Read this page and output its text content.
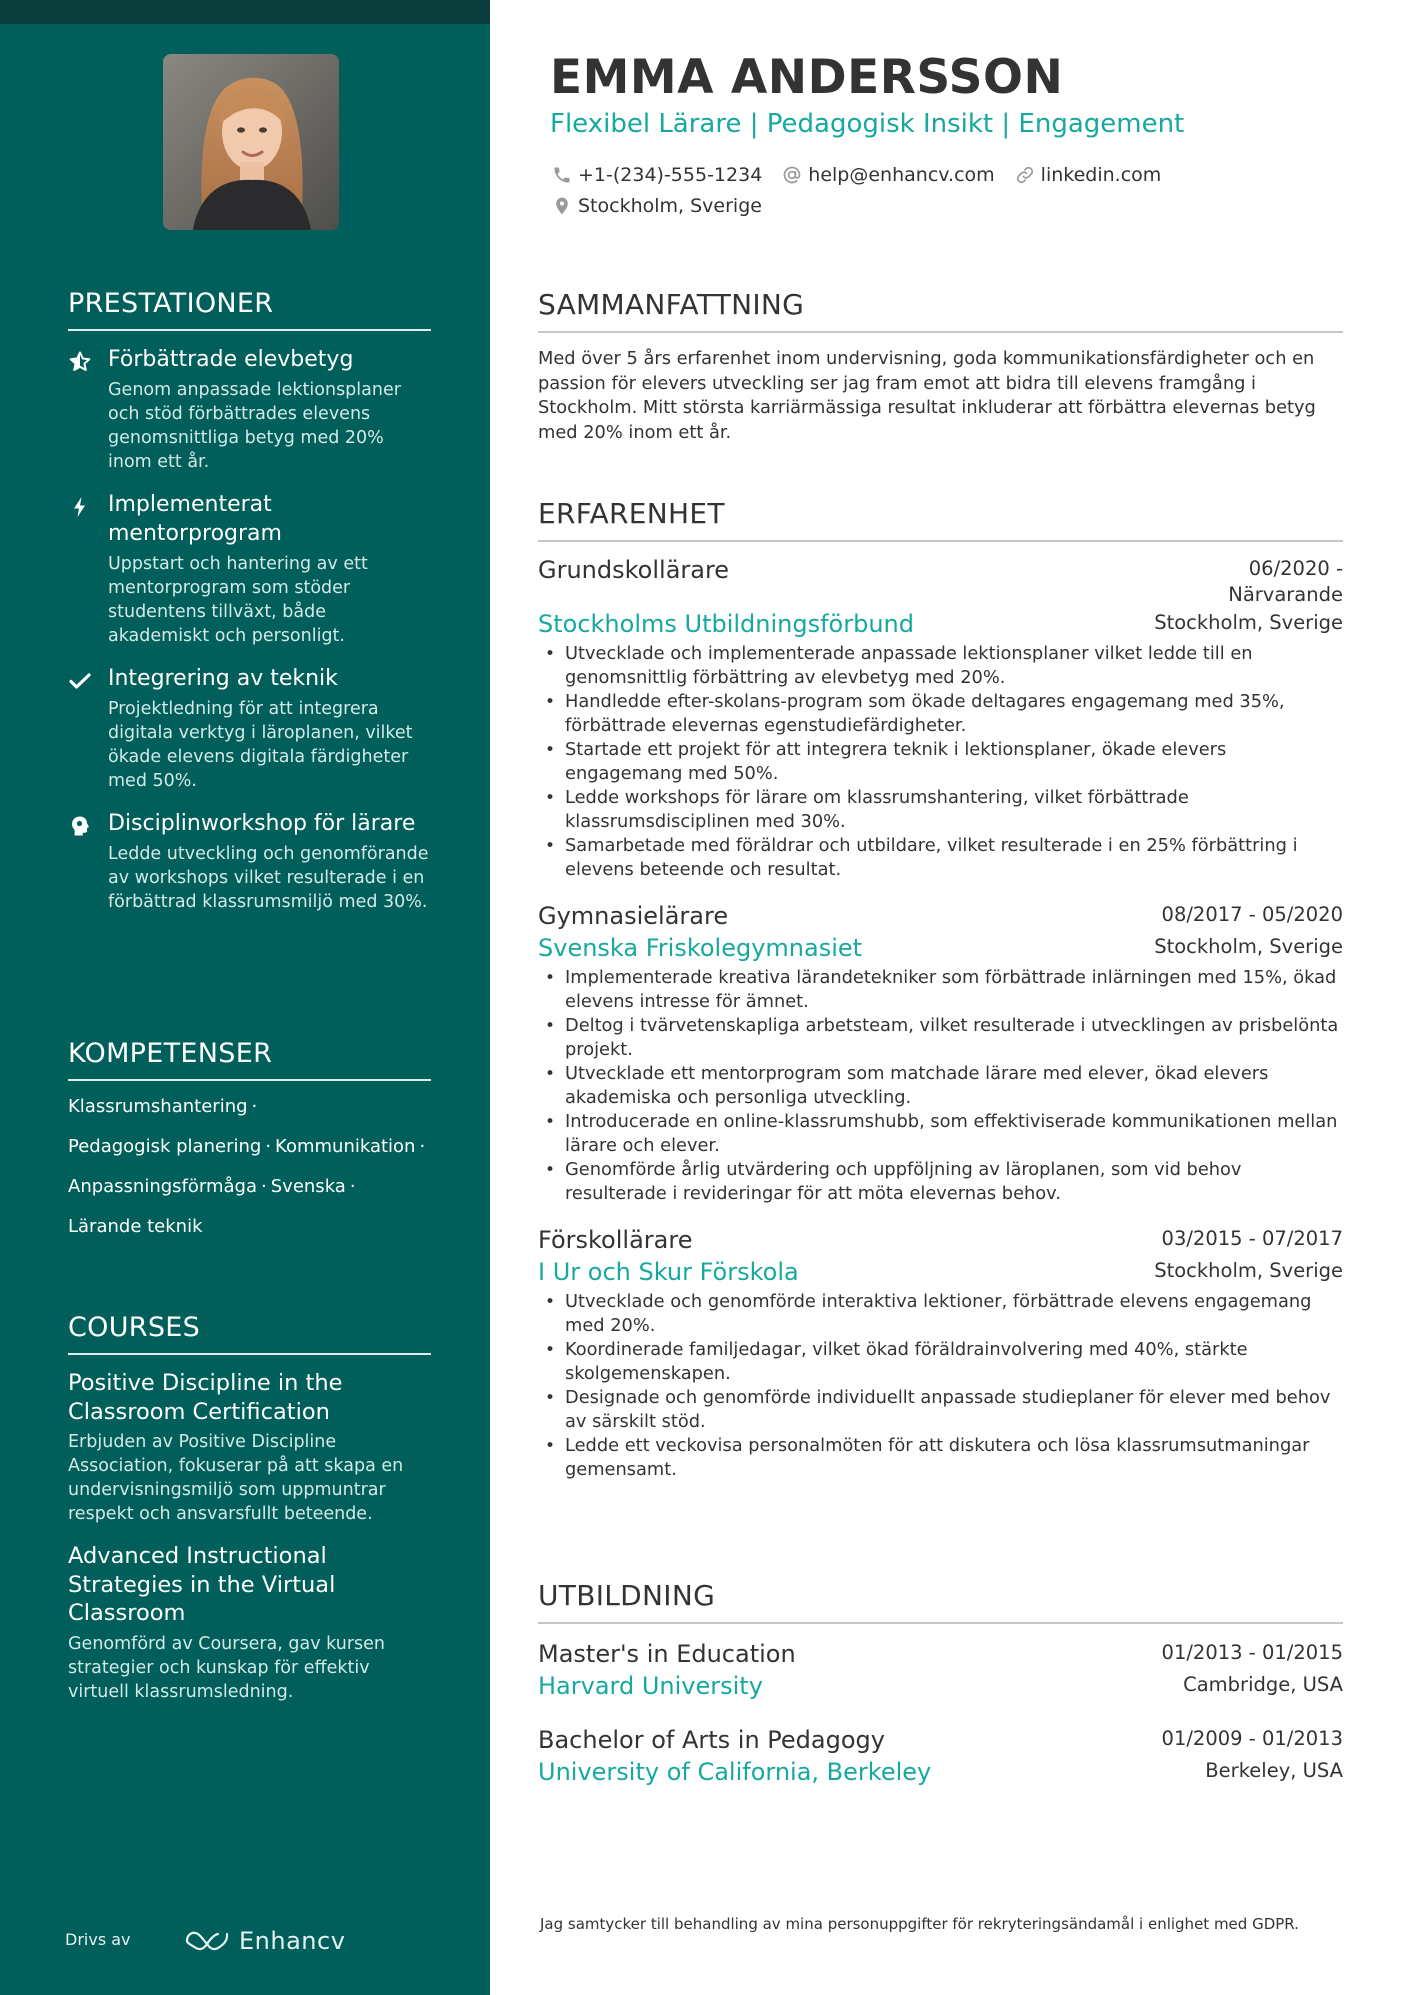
PRESTATIONER
Förbättrade elevbetyg
Genom anpassade lektionsplaner och stöd förbättrades elevens genomsnittliga betyg med 20% inom ett år.
Implementerat mentorprogram
Uppstart och hantering av ett mentorprogram som stöder studentens tillväxt, både akademiskt och personligt.
Integrering av teknik
Projektledning för att integrera digitala verktyg i läroplanen, vilket ökade elevens digitala färdigheter med 50%.
Disciplinworkshop för lärare
Ledde utveckling och genomförande av workshops vilket resulterade i en förbättrad klassrumsmiljö med 30%.
KOMPETENSER
Klassrumshantering ·
Pedagogisk planering · Kommunikation ·
Anpassningsförmåga · Svenska ·
Lärande teknik
COURSES
Positive Discipline in the Classroom Certification
Erbjuden av Positive Discipline Association, fokuserar på att skapa en undervisningsmiljö som uppmuntrar respekt och ansvarsfullt beteende.
Advanced Instructional Strategies in the Virtual Classroom
Genomförd av Coursera, gav kursen strategier och kunskap för effektiv virtuell klassrumsledning.
Drivs av	Enhancv
EMMA ANDERSSON
Flexibel Lärare | Pedagogisk Insikt | Engagement
+1-(234)-555-1234 help@enhancv.com linkedin.com
Stockholm, Sverige
SAMMANFATTNING
Med över 5 års erfarenhet inom undervisning, goda kommunikationsfärdigheter och en passion för elevers utveckling ser jag fram emot att bidra till elevens framgång i Stockholm. Mitt största karriärmässiga resultat inkluderar att förbättra elevernas betyg med 20% inom ett år.
ERFARENHET
Grundskollärare	06/2020 -
Närvarande
Stockholms Utbildningsförbund	Stockholm, Sverige
• Utvecklade och implementerade anpassade lektionsplaner vilket ledde till en genomsnittlig förbättring av elevbetyg med 20%.
• Handledde efter-skolans-program som ökade deltagares engagemang med 35%, förbättrade elevernas egenstudiefärdigheter.
• Startade ett projekt för att integrera teknik i lektionsplaner, ökade elevers engagemang med 50%.
• Ledde workshops för lärare om klassrumshantering, vilket förbättrade klassrumsdisciplinen med 30%.
• Samarbetade med föräldrar och utbildare, vilket resulterade i en 25% förbättring i elevens beteende och resultat.
Gymnasielärare	08/2017 - 05/2020
Svenska Friskolegymnasiet	Stockholm, Sverige
• Implementerade kreativa lärandetekniker som förbättrade inlärningen med 15%, ökad elevens intresse för ämnet.
• Deltog i tvärvetenskapliga arbetsteam, vilket resulterade i utvecklingen av prisbelönta projekt.
• Utvecklade ett mentorprogram som matchade lärare med elever, ökad elevers akademiska och personliga utveckling.
• Introducerade en online-klassrumshubb, som effektiviserade kommunikationen mellan lärare och elever.
• Genomförde årlig utvärdering och uppföljning av läroplanen, som vid behov resulterade i revideringar för att möta elevernas behov.
Förskollärare	03/2015 - 07/2017
I Ur och Skur Förskola	Stockholm, Sverige
• Utvecklade och genomförde interaktiva lektioner, förbättrade elevens engagemang med 20%.
• Koordinerade familjedagar, vilket ökad föräldrainvolvering med 40%, stärkte skolgemenskapen.
• Designade och genomförde individuellt anpassade studieplaner för elever med behov av särskilt stöd.
• Ledde ett veckovisa personalmöten för att diskutera och lösa klassrumsutmaningar gemensamt.
UTBILDNING
Master's in Education	01/2013 - 01/2015
Harvard University	Cambridge, USA
Bachelor of Arts in Pedagogy	01/2009 - 01/2013
University of California, Berkeley	Berkeley, USA
Jag samtycker till behandling av mina personuppgifter för rekryteringsändamål i enlighet med GDPR.
